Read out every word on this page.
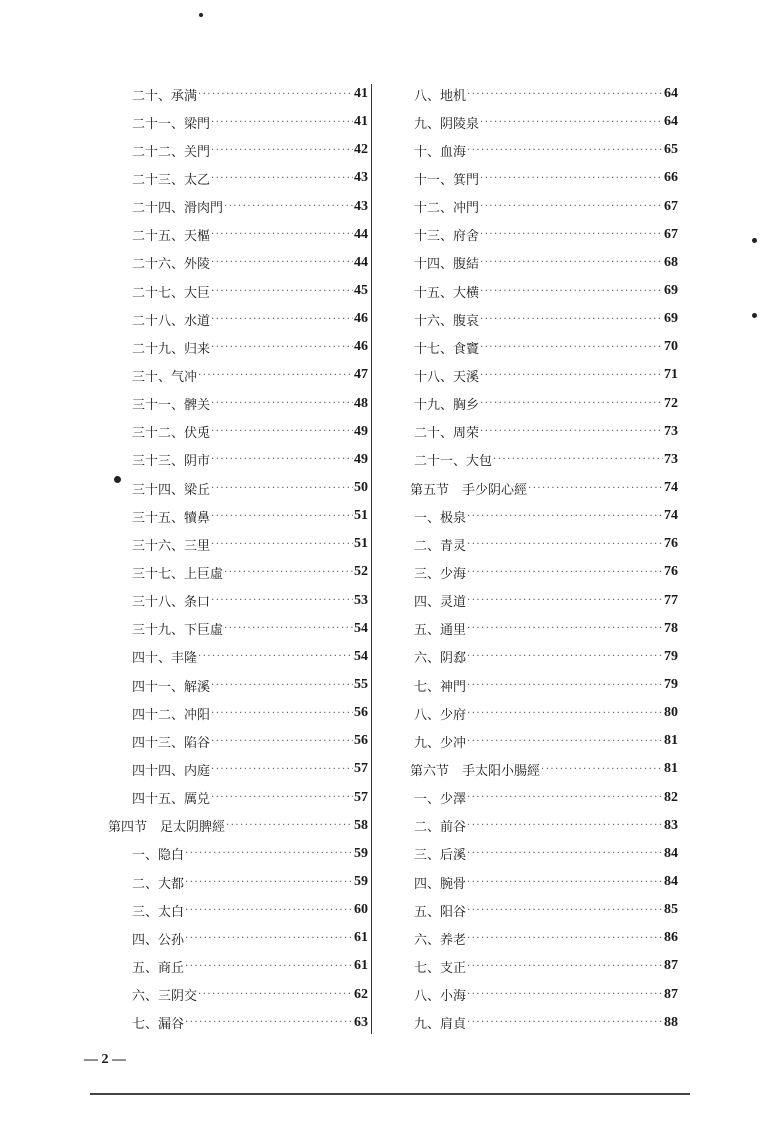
二十、承满 ·····	41
二十一、梁門 ·····	41
二十二、关門 ·····	42
二十三、太乙 ·····	43
二十四、滑肉門 ·····	43
二十五、天樞 ·····	44
二十六、外陵 ·····	44
二十七、大巨 ·····	45
二十八、水道 ·····	46
二十九、归来 ·····	46
三十、气冲 ·····	47
三十一、髀关 ·····	48
三十二、伏兎 ·····	49
三十三、阴市 ·····	49
三十四、梁丘 ·····	50
三十五、犢鼻 ·····	51
三十六、三里 ·····	51
三十七、上巨虛 ·····	52
三十八、条口 ·····	53
三十九、下巨虛 ·····	54
四十、丰隆 ·····	54
四十一、解溪 ·····	55
四十二、冲阳 ·····	56
四十三、陷谷 ·····	56
四十四、内庭 ·····	57
四十五、厲兑 ·····	57
第四节　足太阴脾經 ·····	58
一、隐白 ·····	59
二、大都 ·····	59
三、太白 ·····	60
四、公孙 ·····	61
五、商丘 ·····	61
六、三阴交 ·····	62
七、漏谷 ·····	63
八、地机 ·····	64
九、阴陵泉 ·····	64
十、血海 ·····	65
十一、箕門 ·····	66
十二、冲門 ·····	67
十三、府舍 ·····	67
十四、腹結 ·····	68
十五、大横 ·····	69
十六、腹哀 ·····	69
十七、食竇 ·····	70
十八、天溪 ·····	71
十九、胸乡 ·····	72
二十、周荣 ·····	73
二十一、大包 ·····	73
第五节　手少阴心經 ·····	74
一、极泉 ·····	74
二、青灵 ·····	76
三、少海 ·····	76
四、灵道 ·····	77
五、通里 ·····	78
六、阴郄 ·····	79
七、神門 ·····	79
八、少府 ·····	80
九、少冲 ·····	81
第六节　手太阳小腸經 ·····	81
一、少澤 ·····	82
二、前谷 ·····	83
三、后溪 ·····	84
四、腕骨 ·····	84
五、阳谷 ·····	85
六、养老 ·····	86
七、支正 ·····	87
八、小海 ·····	87
九、肩貞 ·····	88
— 2 —
